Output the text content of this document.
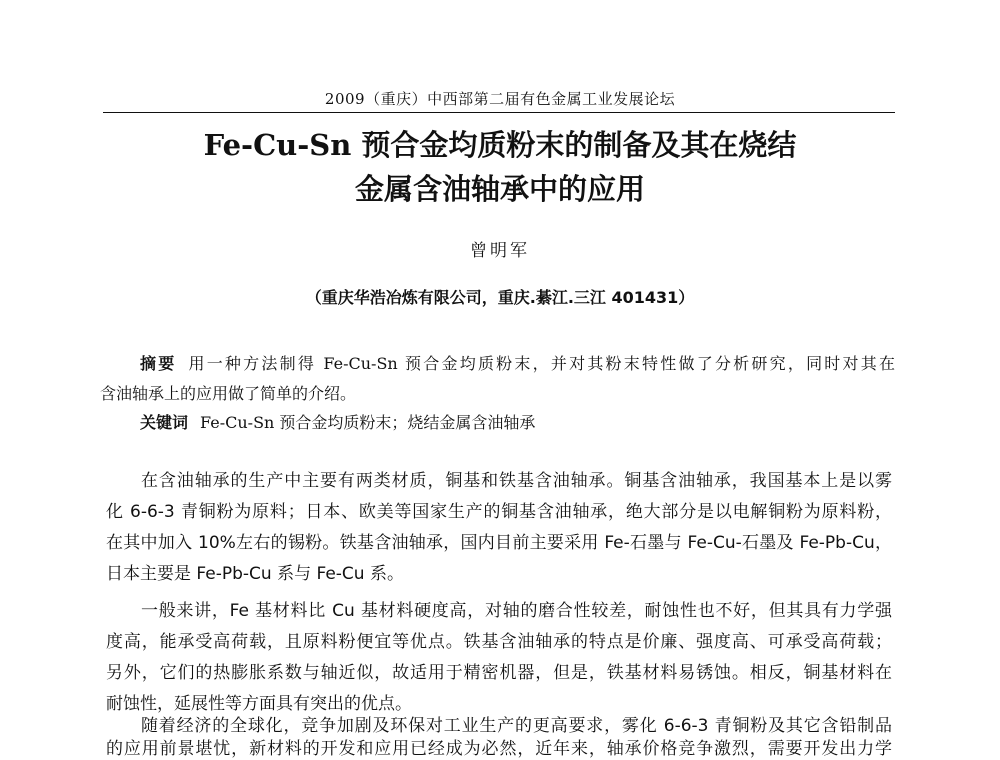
2009（重庆）中西部第二届有色金属工业发展论坛
Fe-Cu-Sn 预合金均质粉末的制备及其在烧结
金属含油轴承中的应用
曾明军
（重庆华浩冶炼有限公司，重庆.綦江.三江 401431）
摘要 用一种方法制得 Fe-Cu-Sn 预合金均质粉末，并对其粉末特性做了分析研究，同时对其在
含油轴承上的应用做了简单的介绍。
关键词 Fe-Cu-Sn 预合金均质粉末；烧结金属含油轴承
在含油轴承的生产中主要有两类材质，铜基和铁基含油轴承。铜基含油轴承，我国基本上是以雾
化 6-6-3 青铜粉为原料；日本、欧美等国家生产的铜基含油轴承，绝大部分是以电解铜粉为原料粉，
在其中加入 10%左右的锡粉。铁基含油轴承，国内目前主要采用 Fe-石墨与 Fe-Cu-石墨及 Fe-Pb-Cu，
日本主要是 Fe-Pb-Cu 系与 Fe-Cu 系。
一般来讲，Fe 基材料比 Cu 基材料硬度高，对轴的磨合性较差，耐蚀性也不好，但其具有力学强
度高，能承受高荷载，且原料粉便宜等优点。铁基含油轴承的特点是价廉、强度高、可承受高荷载；
另外，它们的热膨胀系数与轴近似，故适用于精密机器，但是，铁基材料易锈蚀。相反，铜基材料在
耐蚀性，延展性等方面具有突出的优点。
随着经济的全球化，竞争加剧及环保对工业生产的更高要求，雾化 6-6-3 青铜粉及其它含铅制品
的应用前景堪忧，新材料的开发和应用已经成为必然，近年来，轴承价格竞争激烈，需要开发出力学
